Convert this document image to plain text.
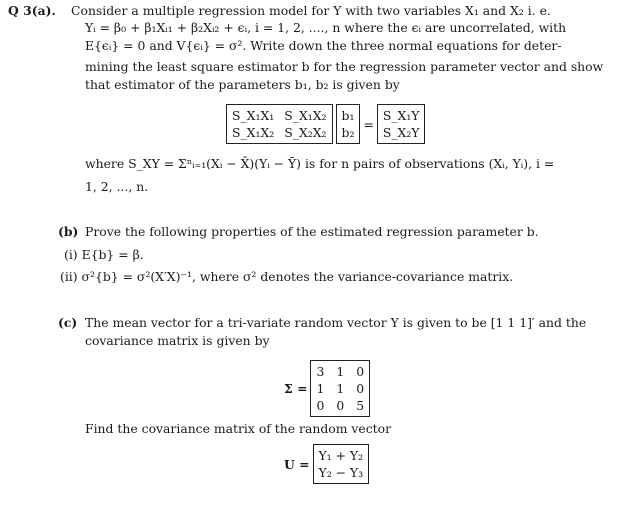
Q 3(a). Consider a multiple regression model for Y with two variables X₁ and X₂ i. e.
Yᵢ = β₀ + β₁Xᵢ₁ + β₂Xᵢ₂ + ϵᵢ, i = 1, 2, ...., n where the ϵᵢ are uncorrelated, with
E{ϵᵢ} = 0 and V{ϵᵢ} = σ². Write down the three normal equations for deter-
mining the least square estimator b for the regression parameter vector and show
that estimator of the parameters b₁, b₂ is given by
S_X₁X₁ S_X₁X₂
S_X₁X₂ S_X₂X₂
b₁
b₂
=
S_X₁Y
S_X₂Y
where S_XY = Σⁿᵢ₌₁(Xᵢ − X̄)(Yᵢ − Ȳ) is for n pairs of observations (Xᵢ, Yᵢ), i =
1, 2, ..., n.
(b) Prove the following properties of the estimated regression parameter b.
(i) E{b} = β.
(ii) σ²{b} = σ²(X′X)⁻¹, where σ² denotes the variance-covariance matrix.
(c) The mean vector for a tri-variate random vector Y is given to be [1 1 1]′ and the
covariance matrix is given by
Σ =
3 1 0
1 1 0
0 0 5
Find the covariance matrix of the random vector
U =
Y₁ + Y₂
Y₂ − Y₃
